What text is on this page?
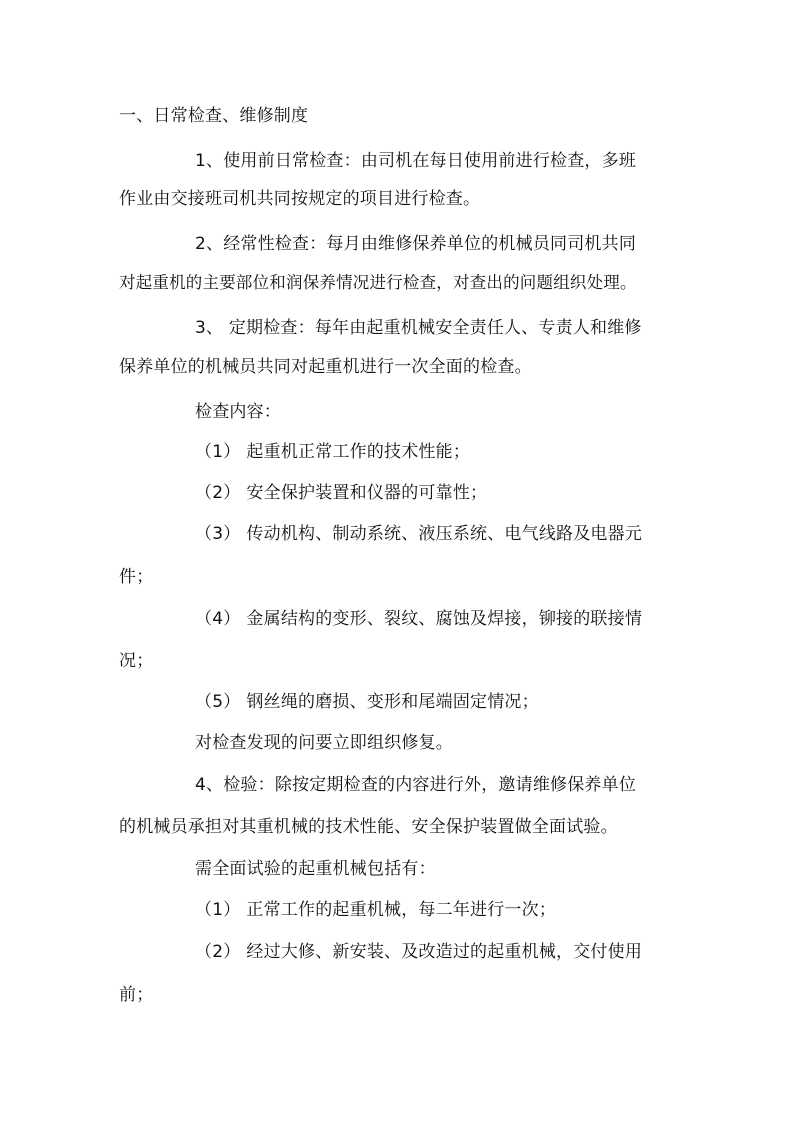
一、日常检查、维修制度
1、使用前日常检查：由司机在每日使用前进行检查，多班
作业由交接班司机共同按规定的项目进行检查。
2、经常性检查：每月由维修保养单位的机械员同司机共同
对起重机的主要部位和润保养情况进行检查，对查出的问题组织处理。
3、 定期检查：每年由起重机械安全责任人、专责人和维修
保养单位的机械员共同对起重机进行一次全面的检查。
检查内容：
（1） 起重机正常工作的技术性能；
（2） 安全保护装置和仪器的可靠性；
（3） 传动机构、制动系统、液压系统、电气线路及电器元
件；
（4） 金属结构的变形、裂纹、腐蚀及焊接，铆接的联接情
况；
（5） 钢丝绳的磨损、变形和尾端固定情况；
对检查发现的问要立即组织修复。
4、检验：除按定期检查的内容进行外，邀请维修保养单位
的机械员承担对其重机械的技术性能、安全保护装置做全面试验。
需全面试验的起重机械包括有：
（1） 正常工作的起重机械，每二年进行一次；
（2） 经过大修、新安装、及改造过的起重机械，交付使用
前；
